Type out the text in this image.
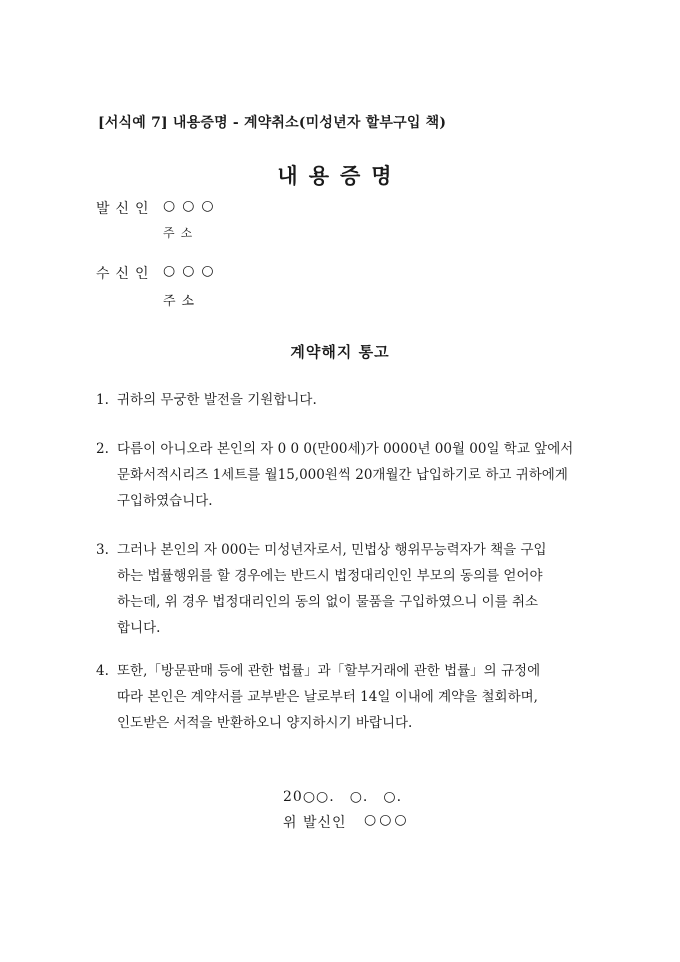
[서식예 7] 내용증명 - 계약취소(미성년자 할부구입 책)
내용증명
발신인 ○○○
주소
수신인 ○○○
주소
계약해지 통고
1. 귀하의 무궁한 발전을 기원합니다.
2. 다름이 아니오라 본인의 자 0 0 0(만00세)가 0000년 00월 00일 학교 앞에서
문화서적시리즈 1세트를 월15,000원씩 20개월간 납입하기로 하고 귀하에게
구입하였습니다.
3. 그러나 본인의 자 000는 미성년자로서, 민법상 행위무능력자가 책을 구입
하는 법률행위를 할 경우에는 반드시 법정대리인인 부모의 동의를 얻어야
하는데, 위 경우 법정대리인의 동의 없이 물품을 구입하였으니 이를 취소
합니다.
4. 또한,「방문판매 등에 관한 법률」과「할부거래에 관한 법률」의 규정에
따라 본인은 계약서를 교부받은 날로부터 14일 이내에 계약을 철회하며,
인도받은 서적을 반환하오니 양지하시기 바랍니다.
20○○.　○.　○.
위 발신인 ○○○
